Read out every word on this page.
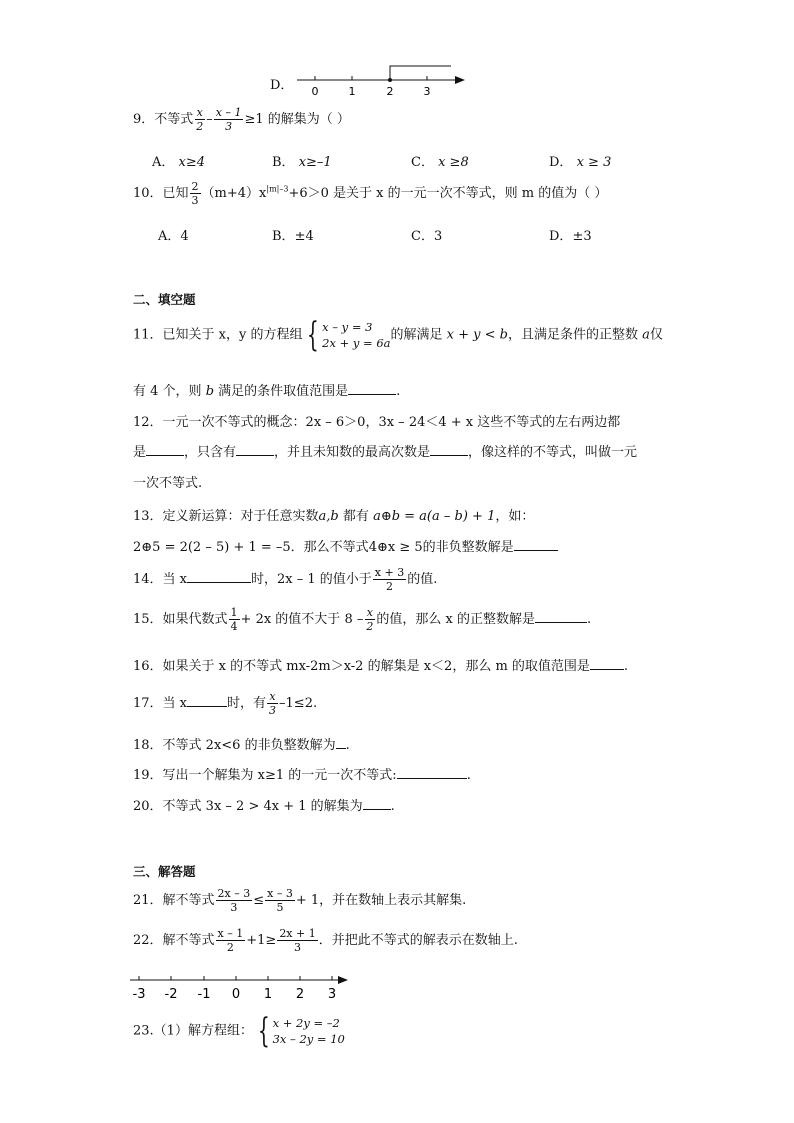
D． 0	1	2	3
9．不等式 $\frac{x}{2} - \frac{x - 1}{3} \ge 1$ 的解集为（ ）
A． x≥4	B． x≥–1	C． x ≥8	D． x ≥ 3
10．已知 $\frac{2}{3} (m+4)x^{|m|-3}+6>0$ 是关于 x 的一元一次不等式，则 m 的值为（ ）
A．4	B．±4	C．3	D．±3
二、填空题
11．已知关于 x，y 的方程组 { x – y = 3
2x + y = 6a
的解满足 x + y < b，且满足条件的正整数 a仅
有 4 个，则 b 满足的条件取值范围是	.
12．一元一次不等式的概念：2x – 6＞0，3x – 24＜4 + x 这些不等式的左右两边都
是	，只含有	，并且未知数的最高次数是	，像这样的不等式，叫做一元
一次不等式.
13．定义新运算：对于任意实数a,b 都有 a⊕b = a(a – b) + 1，如：
2⊕5 = 2(2 – 5) + 1 = –5．那么不等式4⊕x ≥ 5的非负整数解是
14．当 x	时，2x – 1 的值小于 $\frac{x + 3}{2}$ 的值.
15．如果代数式 $\frac{1}{4} + 2x$ 的值不大于 $8 - \frac{x}{2}$ 的值，那么 x 的正整数解是	.
16．如果关于 x 的不等式 mx-2m＞x-2 的解集是 x＜2，那么 m 的取值范围是	.
17．当 x	时，有 $\frac{x}{3} -1\le 2$.
18．不等式 2x<6 的非负整数解为 .
19．写出一个解集为 x≥1 的一元一次不等式:	.
20．不等式 3x – 2 > 4x + 1 的解集为 .
三、解答题
21．解不等式 $\frac{2x - 3}{3} \le \frac{x - 3}{5} + 1$，并在数轴上表示其解集.
22．解不等式 $\frac{x - 1}{2} +1\ge \frac{2x + 1}{3}$ ．并把此不等式的解表示在数轴上.
-3 -2 -1 0 1 2 3
23.（1）解方程组： { x + 2y = –2
3x – 2y = 10
